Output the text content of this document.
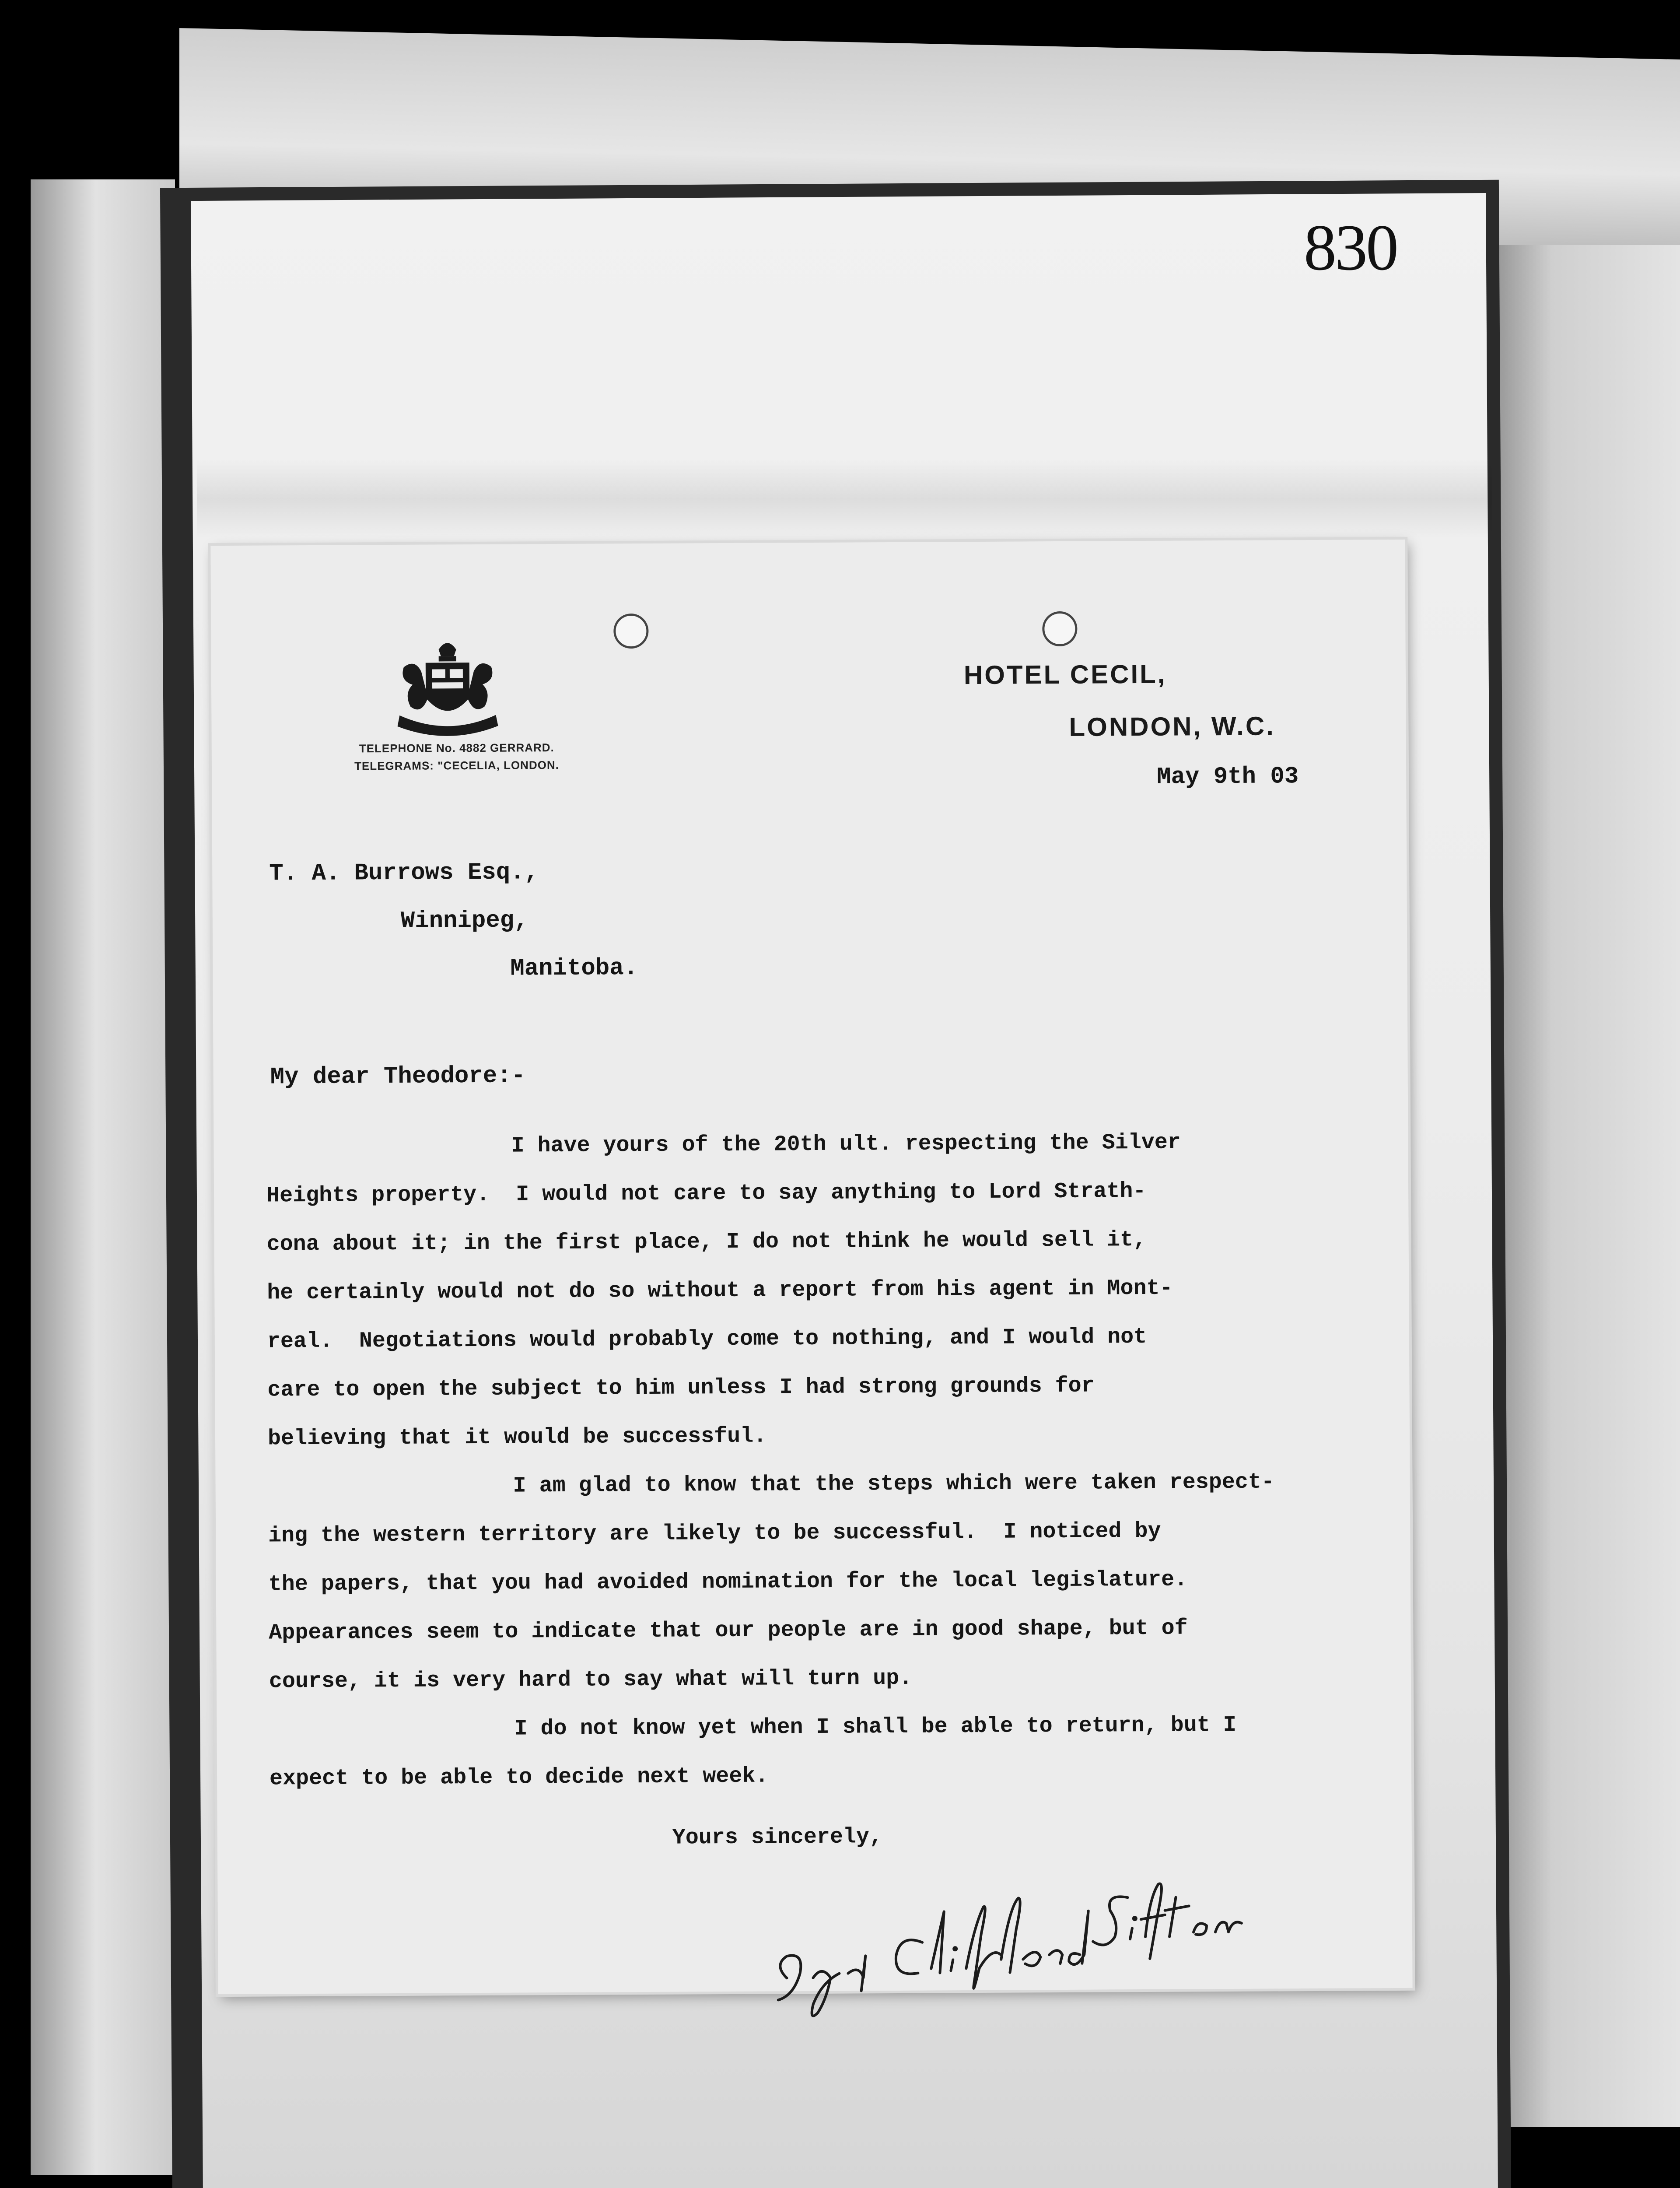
830
TELEPHONE No. 4882 GERRARD.
TELEGRAMS: "CECELIA, LONDON.
HOTEL CECIL,
LONDON, W.C.
May 9th 03
T. A. Burrows Esq.,
Winnipeg,
Manitoba.
My dear Theodore:-
I have yours of the 20th ult. respecting the Silver
Heights property.  I would not care to say anything to Lord Strath-
cona about it; in the first place, I do not think he would sell it,
he certainly would not do so without a report from his agent in Mont-
real.  Negotiations would probably come to nothing, and I would not
care to open the subject to him unless I had strong grounds for
believing that it would be successful.
I am glad to know that the steps which were taken respect-
ing the western territory are likely to be successful.  I noticed by
the papers, that you had avoided nomination for the local legislature.
Appearances seem to indicate that our people are in good shape, but of
course, it is very hard to say what will turn up.
I do not know yet when I shall be able to return, but I
expect to be able to decide next week.
Yours sincerely,
